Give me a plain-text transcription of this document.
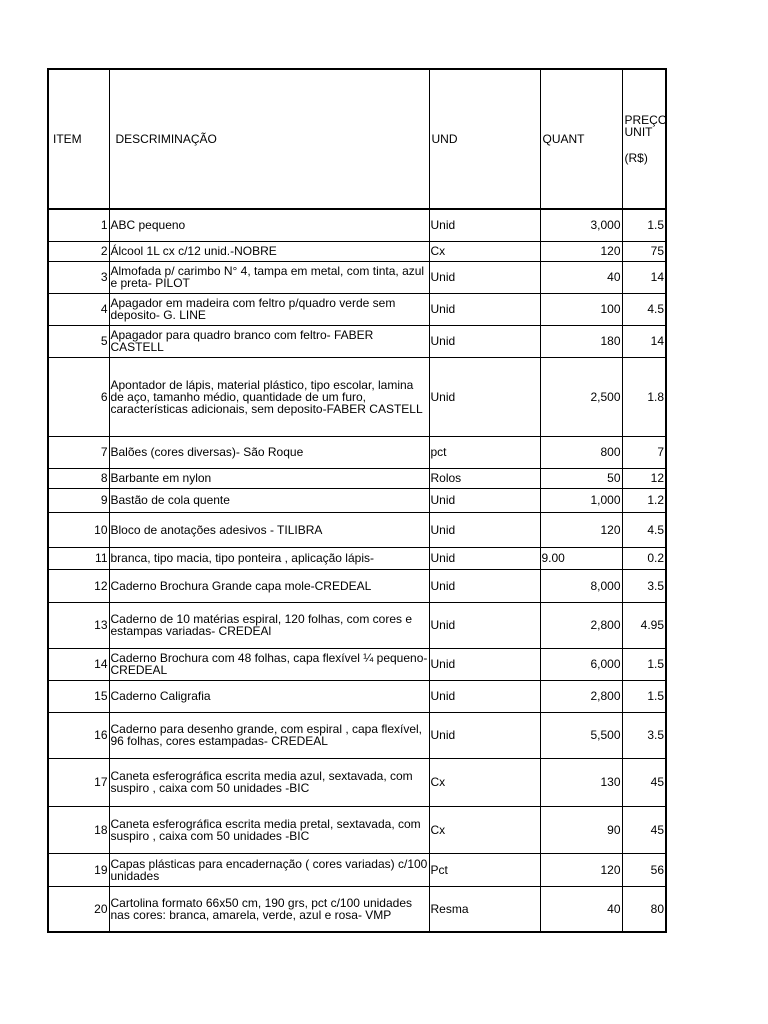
ITEM	DESCRIMINAÇÃO	UND	QUANT	PREÇO
UNIT
(R$)

1	ABC pequeno	Unid	3,000	1.5
2	Álcool 1L cx c/12 unid.-NOBRE	Cx	120	75
3	Almofada p/ carimbo N° 4, tampa em metal, com tinta, azul e preta- PILOT	Unid	40	14
4	Apagador em madeira com feltro p/quadro verde sem deposito- G. LINE	Unid	100	4.5
5	Apagador para quadro branco com feltro- FABER CASTELL	Unid	180	14
6	Apontador de lápis, material plástico, tipo escolar, lamina de aço, tamanho médio, quantidade de um furo, características adicionais, sem deposito-FABER CASTELL	Unid	2,500	1.8
7	Balões (cores diversas)- São Roque	pct	800	7
8	Barbante em nylon	Rolos	50	12
9	Bastão de cola quente	Unid	1,000	1.2
10	Bloco de anotações adesivos - TILIBRA	Unid	120	4.5
11	branca, tipo macia, tipo ponteira , aplicação lápis-	Unid	9.00	0.2
12	Caderno Brochura Grande capa mole-CREDEAL	Unid	8,000	3.5
13	Caderno de 10 matérias espiral, 120 folhas, com cores e estampas variadas- CREDEAl	Unid	2,800	4.95
14	Caderno Brochura com 48 folhas, capa flexível ¼ pequeno- CREDEAL	Unid	6,000	1.5
15	Caderno Caligrafia	Unid	2,800	1.5
16	Caderno para desenho grande, com espiral , capa flexível, 96 folhas, cores estampadas- CREDEAL	Unid	5,500	3.5
17	Caneta esferográfica escrita media azul, sextavada, com suspiro , caixa com 50 unidades -BIC	Cx	130	45
18	Caneta esferográfica escrita media pretal, sextavada, com suspiro , caixa com 50 unidades -BIC	Cx	90	45
19	Capas plásticas para encadernação ( cores variadas) c/100 unidades	Pct	120	56
20	Cartolina formato 66x50 cm, 190 grs, pct c/100 unidades nas cores: branca, amarela, verde, azul e rosa- VMP	Resma	40	80
